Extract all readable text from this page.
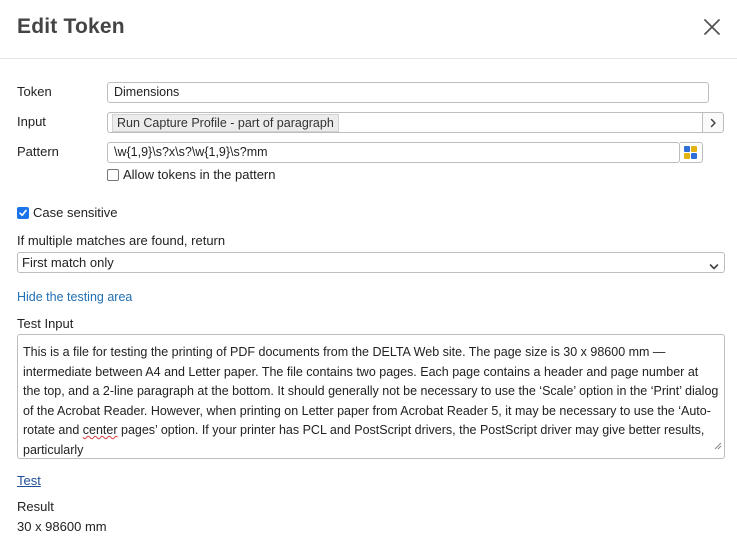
Edit Token
Token	Dimensions
Input	Run Capture Profile - part of paragraph
Pattern	\w{1,9}\s?x\s?\w{1,9}\s?mm
Allow tokens in the pattern
Case sensitive
If multiple matches are found, return
First match only
Hide the testing area
Test Input
This is a file for testing the printing of PDF documents from the DELTA Web site. The page size is 30 x 98600 mm — intermediate between A4 and Letter paper. The file contains two pages. Each page contains a header and page number at the top, and a 2-line paragraph at the bottom. It should generally not be necessary to use the ‘Scale’ option in the ‘Print’ dialog of the Acrobat Reader. However, when printing on Letter paper from Acrobat Reader 5, it may be necessary to use the ‘Auto-rotate and center pages’ option. If your printer has PCL and PostScript drivers, the PostScript driver may give better results, particularly
Test
Result
30 x 98600 mm
